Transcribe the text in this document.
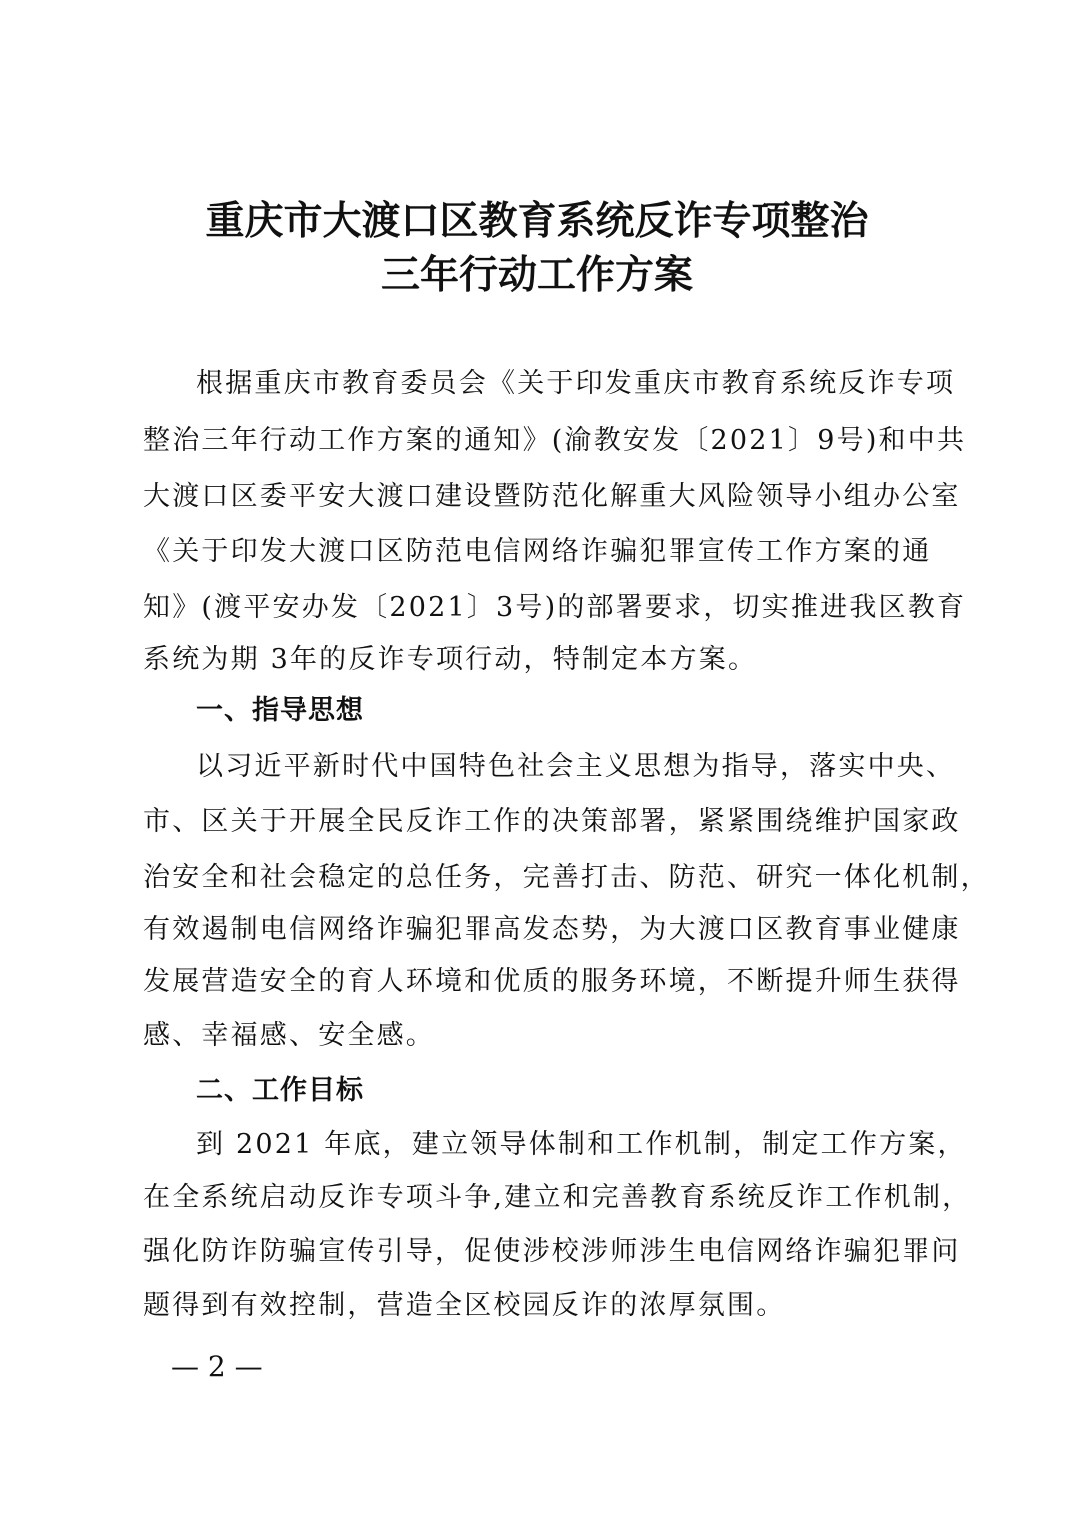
重庆市大渡口区教育系统反诈专项整治
三年行动工作方案
根据重庆市教育委员会《关于印发重庆市教育系统反诈专项
整治三年行动工作方案的通知》(渝教安发〔2021〕9号)和中共
大渡口区委平安大渡口建设暨防范化解重大风险领导小组办公室
《关于印发大渡口区防范电信网络诈骗犯罪宣传工作方案的通
知》(渡平安办发〔2021〕3号)的部署要求，切实推进我区教育
系统为期 3年的反诈专项行动，特制定本方案。
一、指导思想
以习近平新时代中国特色社会主义思想为指导，落实中央、
市、区关于开展全民反诈工作的决策部署，紧紧围绕维护国家政
治安全和社会稳定的总任务，完善打击、防范、研究一体化机制，
有效遏制电信网络诈骗犯罪高发态势，为大渡口区教育事业健康
发展营造安全的育人环境和优质的服务环境，不断提升师生获得
感、幸福感、安全感。
二、工作目标
到 2021 年底，建立领导体制和工作机制，制定工作方案，
在全系统启动反诈专项斗争,建立和完善教育系统反诈工作机制，
强化防诈防骗宣传引导，促使涉校涉师涉生电信网络诈骗犯罪问
题得到有效控制，营造全区校园反诈的浓厚氛围。
— 2 —
